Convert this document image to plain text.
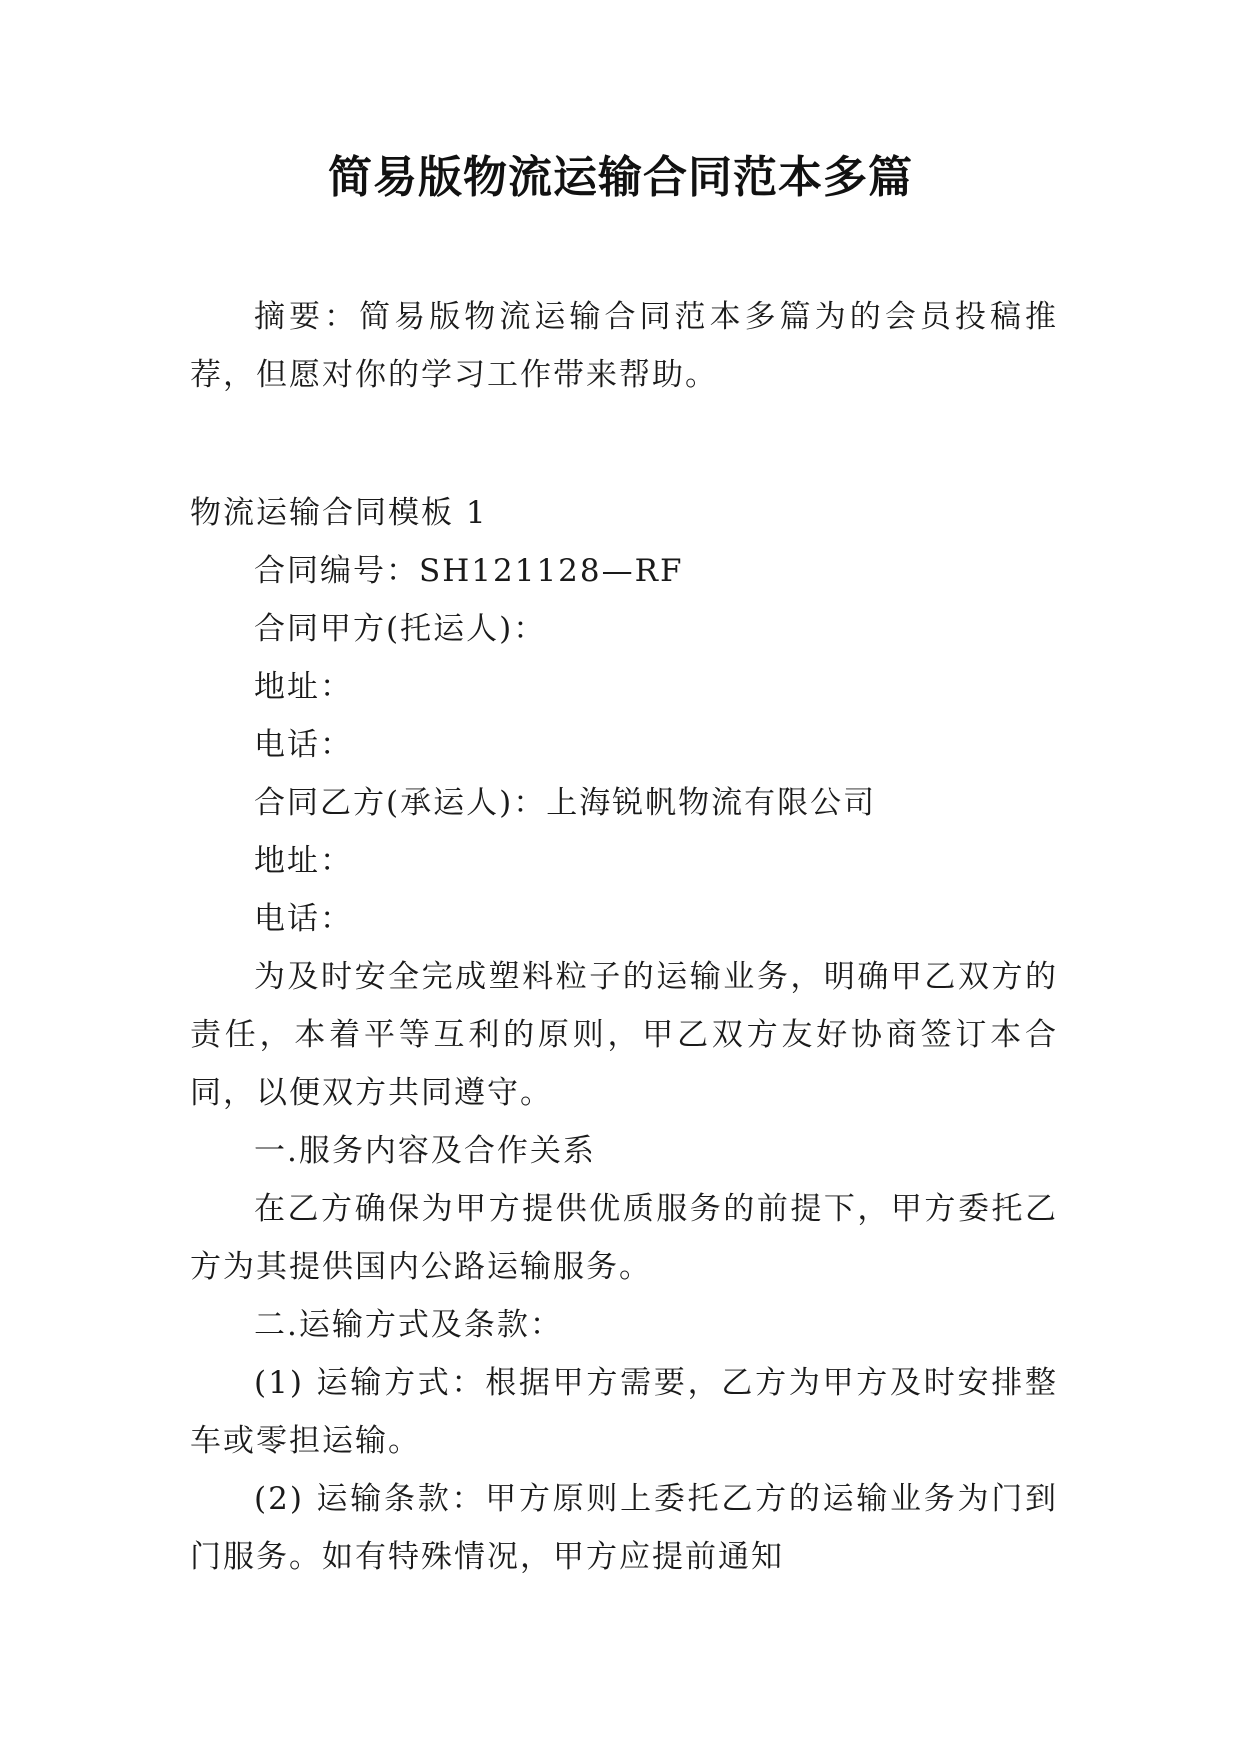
简易版物流运输合同范本多篇

摘要：简易版物流运输合同范本多篇为的会员投稿推荐，但愿对你的学习工作带来帮助。

物流运输合同模板 1

合同编号：SH121128—RF

合同甲方(托运人)：

地址：

电话：

合同乙方(承运人)：上海锐帆物流有限公司

地址：

电话：

为及时安全完成塑料粒子的运输业务，明确甲乙双方的责任，本着平等互利的原则，甲乙双方友好协商签订本合同，以便双方共同遵守。

一.服务内容及合作关系

在乙方确保为甲方提供优质服务的前提下，甲方委托乙方为其提供国内公路运输服务。

二.运输方式及条款：

(1) 运输方式：根据甲方需要，乙方为甲方及时安排整车或零担运输。

(2) 运输条款：甲方原则上委托乙方的运输业务为门到门服务。如有特殊情况，甲方应提前通知
